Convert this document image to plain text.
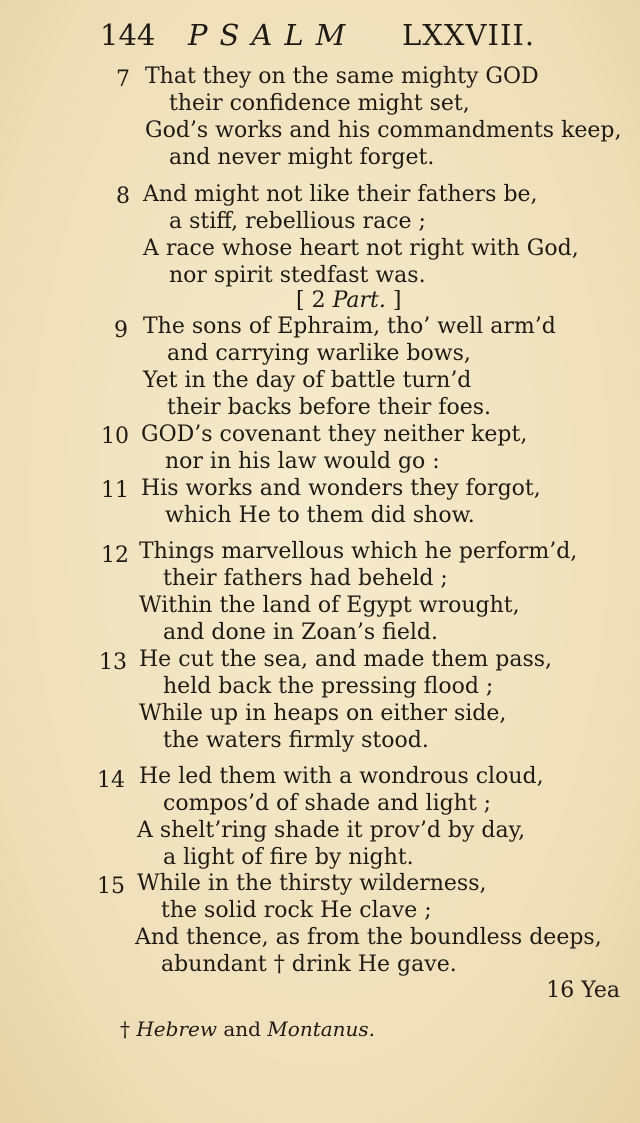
144 PSALM LXXVIII.
7 That they on the same mighty GOD
their confidence might set,
God’s works and his commandments keep,
and never might forget.
8 And might not like their fathers be,
a stiff, rebellious race ;
A race whose heart not right with God,
nor spirit stedfast was.
[ 2 Part. ]
9 The sons of Ephraim, tho’ well arm’d
and carrying warlike bows,
Yet in the day of battle turn’d
their backs before their foes.
10 GOD’s covenant they neither kept,
nor in his law would go :
11 His works and wonders they forgot,
which He to them did show.
12 Things marvellous which he perform’d,
their fathers had beheld ;
Within the land of Egypt wrought,
and done in Zoan’s field.
13 He cut the sea, and made them pass,
held back the pressing flood ;
While up in heaps on either side,
the waters firmly stood.
14 He led them with a wondrous cloud,
compos’d of shade and light ;
A shelt’ring shade it prov’d by day,
a light of fire by night.
15 While in the thirsty wilderness,
the solid rock He clave ;
And thence, as from the boundless deeps,
abundant † drink He gave.
16 Yea
† Hebrew and Montanus.
